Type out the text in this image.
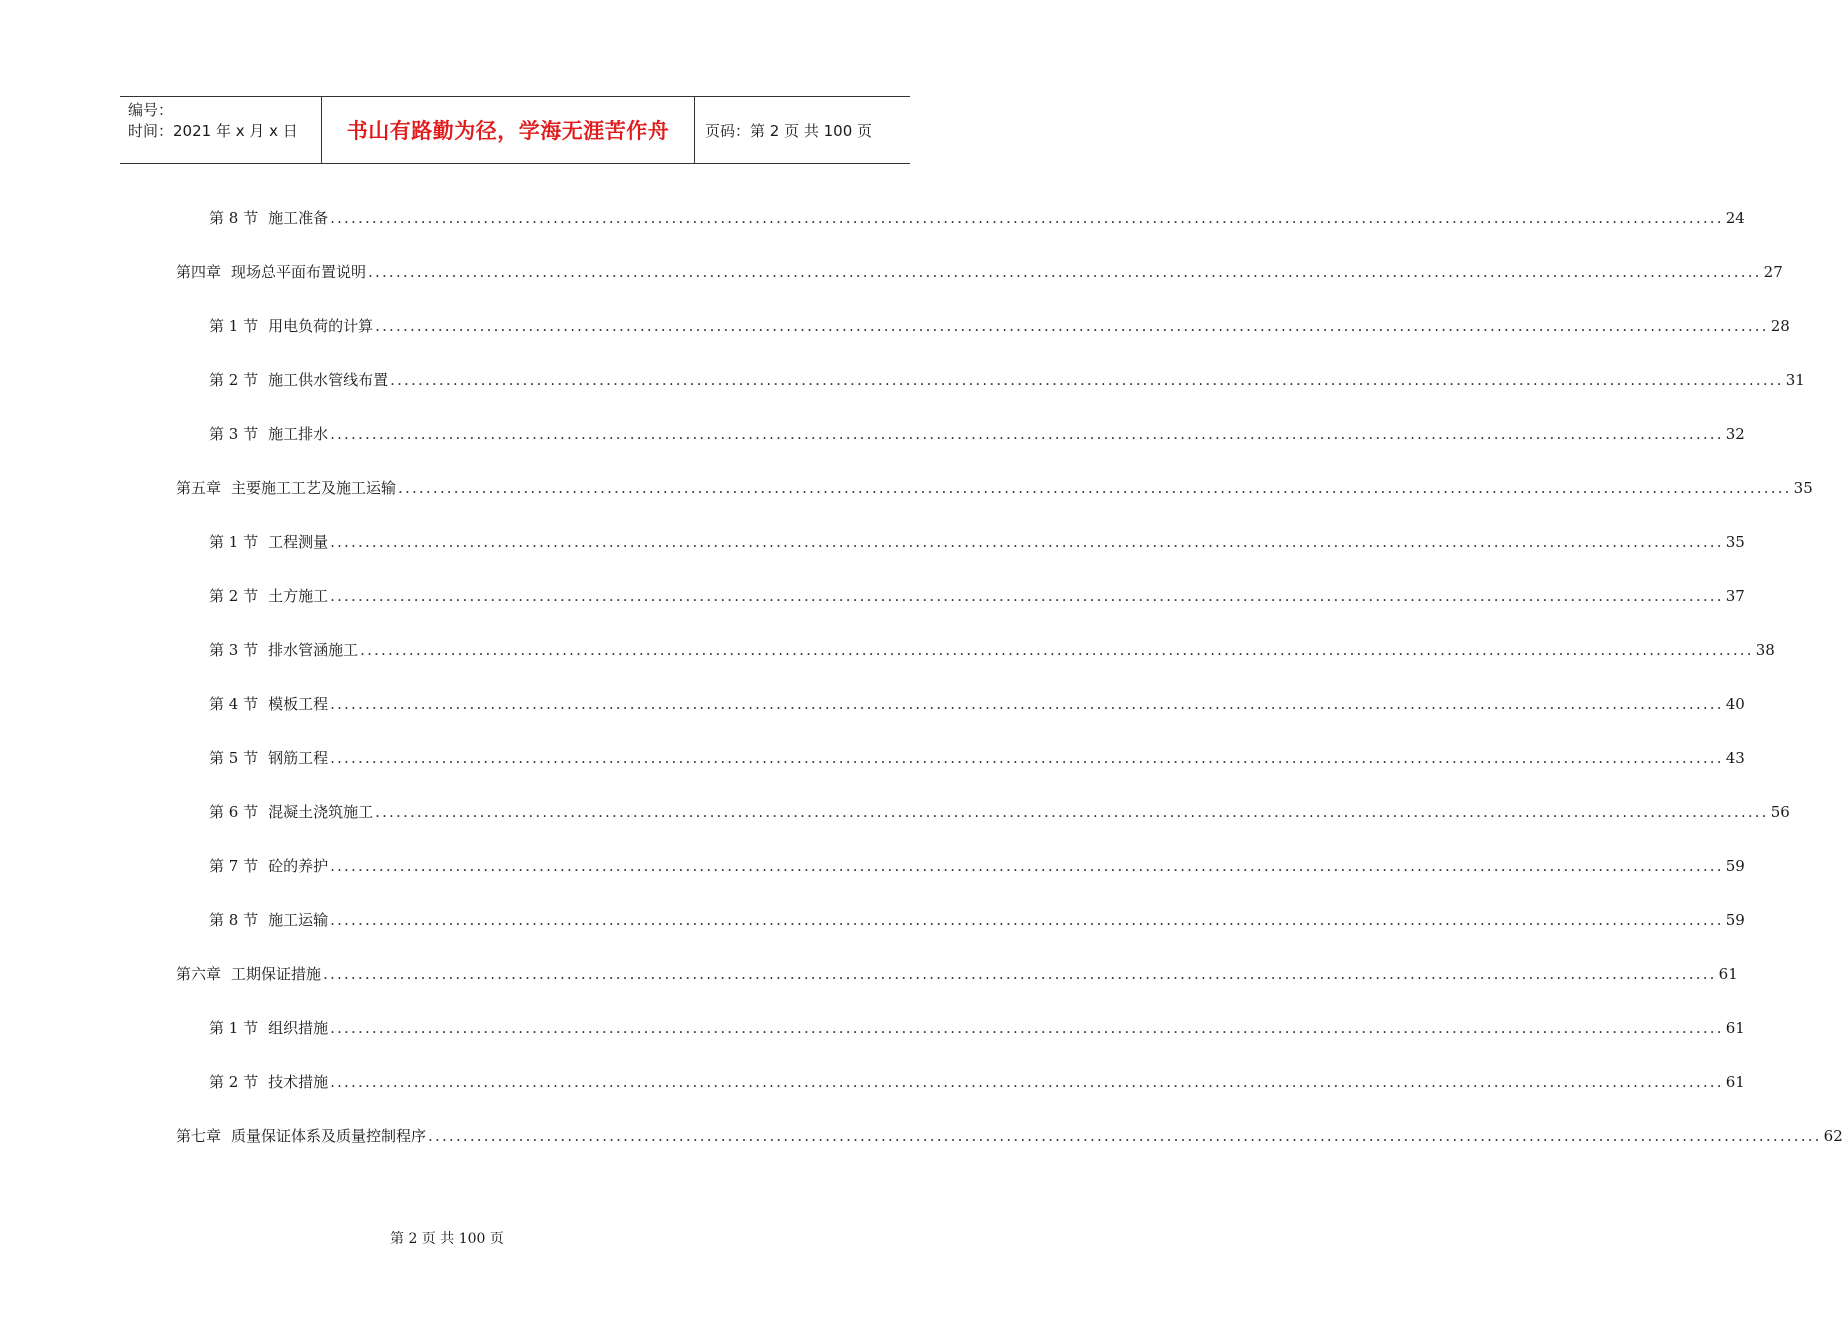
编号：
时间：2021 年 x 月 x 日	书山有路勤为径，学海无涯苦作舟	页码：第 2 页 共 100 页
第 8 节 施工准备 ........................................................................................................................................................................................................ 24
第四章 现场总平面布置说明 ........................................................................................................................................................................................................ 27
第 1 节 用电负荷的计算 ........................................................................................................................................................................................................ 28
第 2 节 施工供水管线布置 ........................................................................................................................................................................................................ 31
第 3 节 施工排水 ........................................................................................................................................................................................................ 32
第五章 主要施工工艺及施工运输 ........................................................................................................................................................................................................ 35
第 1 节 工程测量 ........................................................................................................................................................................................................ 35
第 2 节 土方施工 ........................................................................................................................................................................................................ 37
第 3 节 排水管涵施工 ........................................................................................................................................................................................................ 38
第 4 节 模板工程 ........................................................................................................................................................................................................ 40
第 5 节 钢筋工程 ........................................................................................................................................................................................................ 43
第 6 节 混凝土浇筑施工 ........................................................................................................................................................................................................ 56
第 7 节 砼的养护 ........................................................................................................................................................................................................ 59
第 8 节 施工运输 ........................................................................................................................................................................................................ 59
第六章 工期保证措施 ........................................................................................................................................................................................................ 61
第 1 节 组织措施 ........................................................................................................................................................................................................ 61
第 2 节 技术措施 ........................................................................................................................................................................................................ 61
第七章 质量保证体系及质量控制程序 ........................................................................................................................................................................................................ 62
第 2 页 共 100 页
